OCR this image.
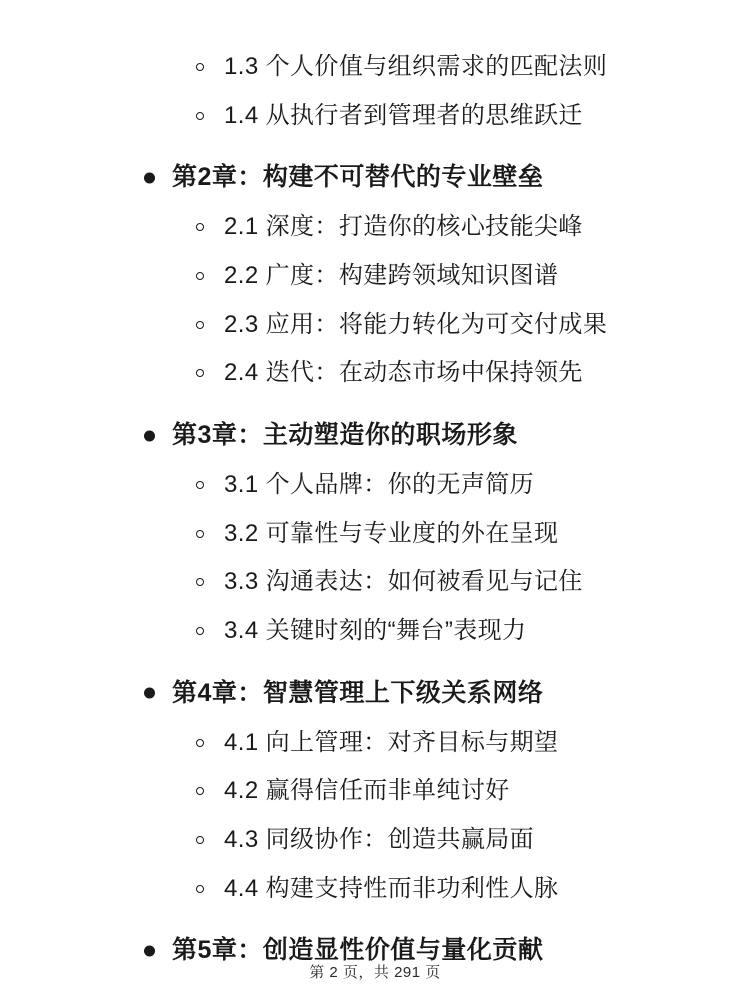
1.3 个人价值与组织需求的匹配法则
1.4 从执行者到管理者的思维跃迁
第2章：构建不可替代的专业壁垒
2.1 深度：打造你的核心技能尖峰
2.2 广度：构建跨领域知识图谱
2.3 应用：将能力转化为可交付成果
2.4 迭代：在动态市场中保持领先
第3章：主动塑造你的职场形象
3.1 个人品牌：你的无声简历
3.2 可靠性与专业度的外在呈现
3.3 沟通表达：如何被看见与记住
3.4 关键时刻的“舞台”表现力
第4章：智慧管理上下级关系网络
4.1 向上管理：对齐目标与期望
4.2 赢得信任而非单纯讨好
4.3 同级协作：创造共赢局面
4.4 构建支持性而非功利性人脉
第5章：创造显性价值与量化贡献
第 2 页，共 291 页
